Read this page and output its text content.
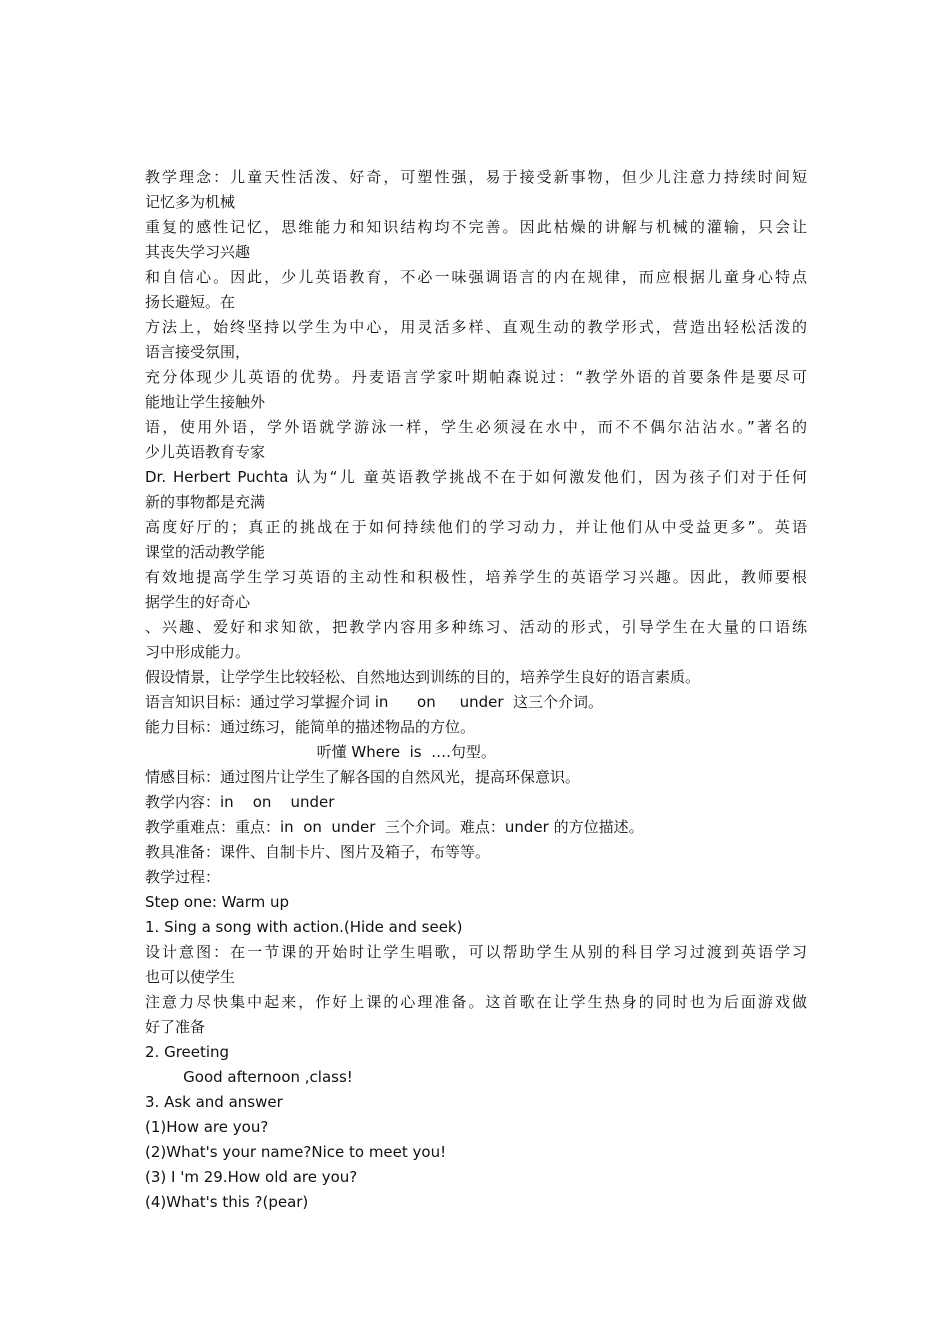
教学理念：儿童天性活泼、好奇，可塑性强，易于接受新事物，但少儿注意力持续时间短
记忆多为机械
重复的感性记忆，思维能力和知识结构均不完善。因此枯燥的讲解与机械的灌输，只会让
其丧失学习兴趣
和自信心。因此，少儿英语教育，不必一味强调语言的内在规律，而应根据儿童身心特点
扬长避短。在
方法上，始终坚持以学生为中心，用灵活多样、直观生动的教学形式，营造出轻松活泼的
语言接受氛围，
充分体现少儿英语的优势。丹麦语言学家叶期帕森说过：“教学外语的首要条件是要尽可
能地让学生接触外
语，使用外语，学外语就学游泳一样，学生必须浸在水中，而不不偶尔沾沾水。”著名的
少儿英语教育专家
Dr. Herbert Puchta 认为“儿 童英语教学挑战不在于如何激发他们，因为孩子们对于任何
新的事物都是充满
高度好厅的；真正的挑战在于如何持续他们的学习动力，并让他们从中受益更多”。英语
课堂的活动教学能
有效地提高学生学习英语的主动性和积极性，培养学生的英语学习兴趣。因此，教师要根
据学生的好奇心
、兴趣、爱好和求知欲，把教学内容用多种练习、活动的形式，引导学生在大量的口语练
习中形成能力。
假设情景，让学学生比较轻松、自然地达到训练的目的，培养学生良好的语言素质。
语言知识目标：通过学习掌握介词 in      on     under  这三个介词。
能力目标：通过练习，能简单的描述物品的方位。
听懂 Where  is  ….句型。
情感目标：通过图片让学生了解各国的自然风光，提高环保意识。
教学内容：in    on    under
教学重难点：重点：in  on  under  三个介词。难点：under 的方位描述。
教具准备：课件、自制卡片、图片及箱子，布等等。
教学过程：
Step one: Warm up
1. Sing a song with action.(Hide and seek)
设计意图：在一节课的开始时让学生唱歌，可以帮助学生从别的科目学习过渡到英语学习
也可以使学生
注意力尽快集中起来，作好上课的心理准备。这首歌在让学生热身的同时也为后面游戏做
好了准备
2. Greeting
Good afternoon ,class!
3. Ask and answer
(1)How are you?
(2)What's your name?Nice to meet you!
(3) I 'm 29.How old are you?
(4)What's this ?(pear)
